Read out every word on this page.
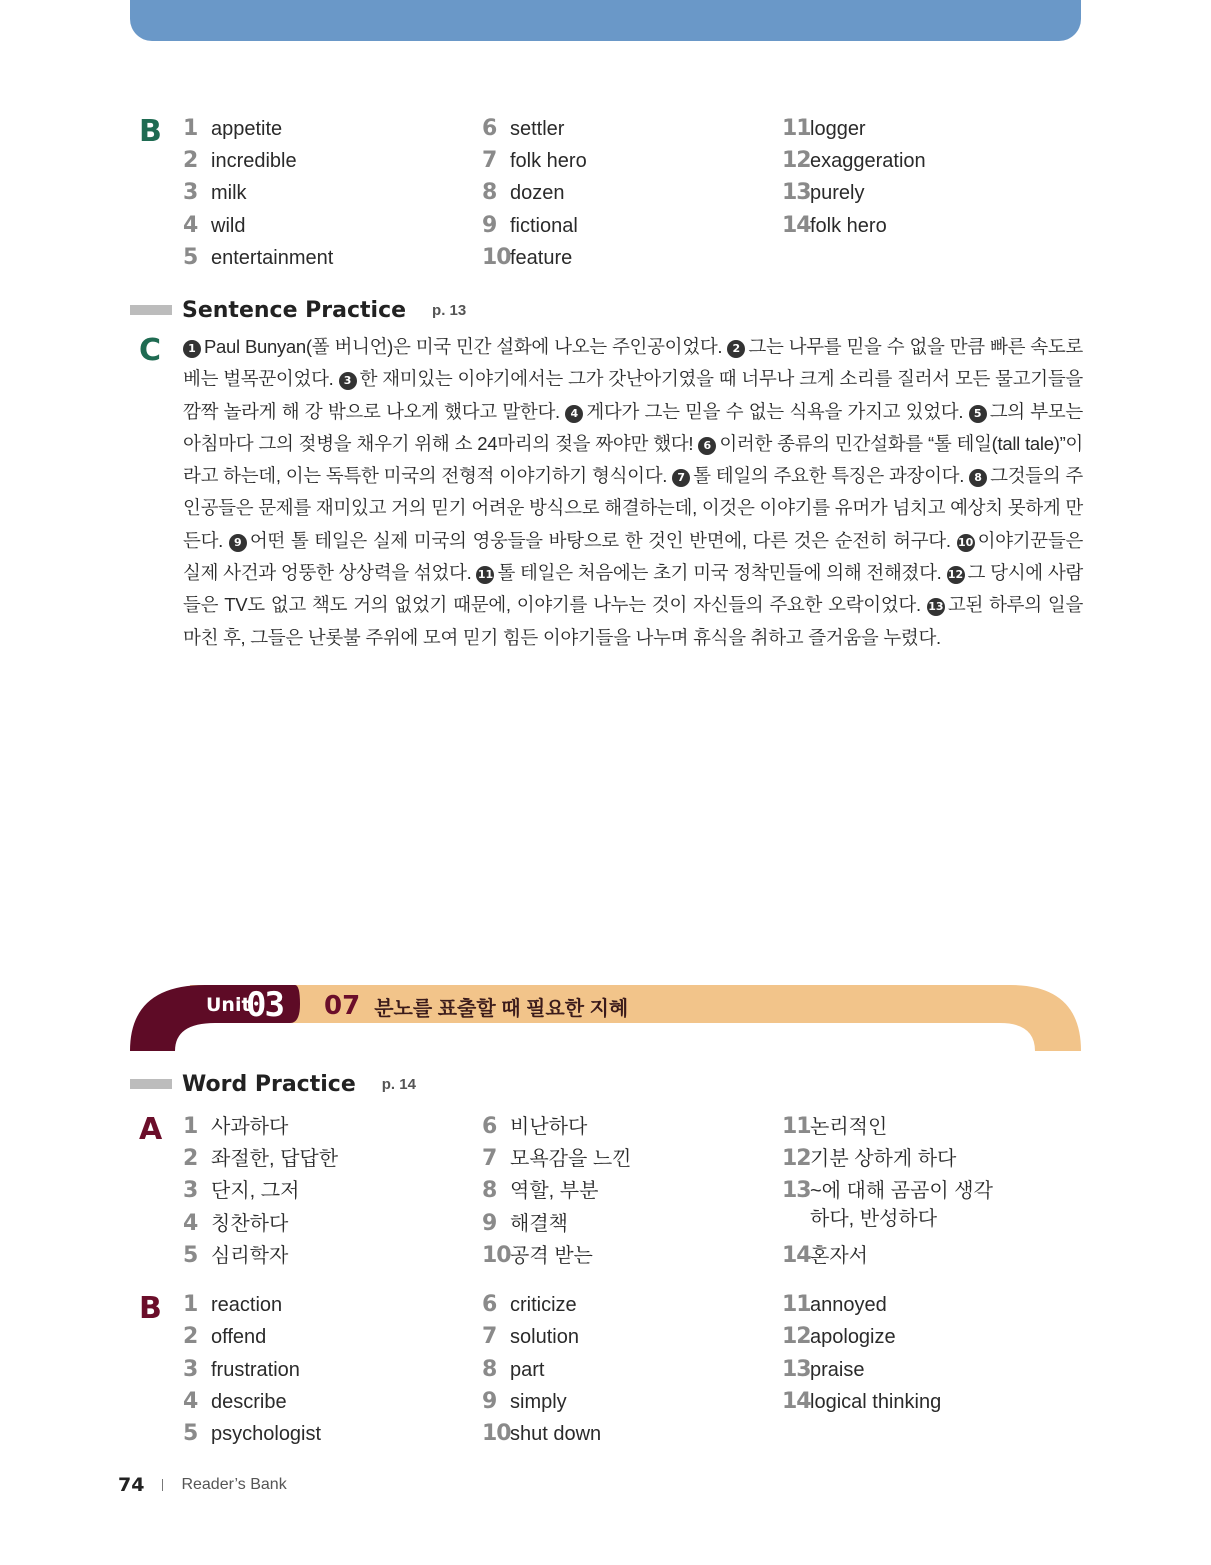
B 1 appetite
2 incredible
3 milk
4 wild
5 entertainment
6 settler
7 folk hero
8 dozen
9 fictional
10feature
11logger
12exaggeration
13purely
14folk hero
Sentence Practice p. 13
C	1 Paul Bunyan(폴 버니언)은 미국 민간 설화에 나오는 주인공이었다. 2 그는 나무를 믿을 수 없을 만큼 빠른 속도로 베는 벌목꾼이었다. 3 한 재미있는 이야기에서는 그가 갓난아기였을 때 너무나 크게 소리를 질러서 모든 물고기들을 깜짝 놀라게 해 강 밖으로 나오게 했다고 말한다. 4 게다가 그는 믿을 수 없는 식욕을 가지고 있었다. 5 그의 부모는 아침마다 그의 젖병을 채우기 위해 소 24마리의 젖을 짜야만 했다! 6 이러한 종류의 민간설화를 “톨 테일(tall tale)”이라고 하는데, 이는 독특한 미국의 전형적 이야기하기 형식이다. 7 톨 테일의 주요한 특징은 과장이다. 8 그것들의 주인공들은 문제를 재미있고 거의 믿기 어려운 방식으로 해결하는데, 이것은 이야기를 유머가 넘치고 예상치 못하게 만든다. 9 어떤 톨 테일은 실제 미국의 영웅들을 바탕으로 한 것인 반면에, 다른 것은 순전히 허구다. 10 이야기꾼들은 실제 사건과 엉뚱한 상상력을 섞었다. 11 톨 테일은 처음에는 초기 미국 정착민들에 의해 전해졌다. 12 그 당시에 사람들은 TV도 없고 책도 거의 없었기 때문에, 이야기를 나누는 것이 자신들의 주요한 오락이었다. 13 고된 하루의 일을 마친 후, 그들은 난롯불 주위에 모여 믿기 힘든 이야기들을 나누며 휴식을 취하고 즐거움을 누렸다.
Unit
03 07 분노를 표출할 때 필요한 지혜
Word Practice p. 14
A 1 사과하다
2 좌절한, 답답한
3 단지, 그저
4 칭찬하다
5 심리학자
6 비난하다
7 모욕감을 느낀
8 역할, 부분
9 해결책
10공격 받는
11논리적인
12기분 상하게 하다
13~에 대해 곰곰이 생각하다, 반성하다
14혼자서
B 1 reaction
2 offend
3 frustration
4 describe
5 psychologist
6 criticize
7 solution
8 part
9 simply
10shut down
11annoyed
12apologize
13praise
14logical thinking
74 Reader’s Bank
